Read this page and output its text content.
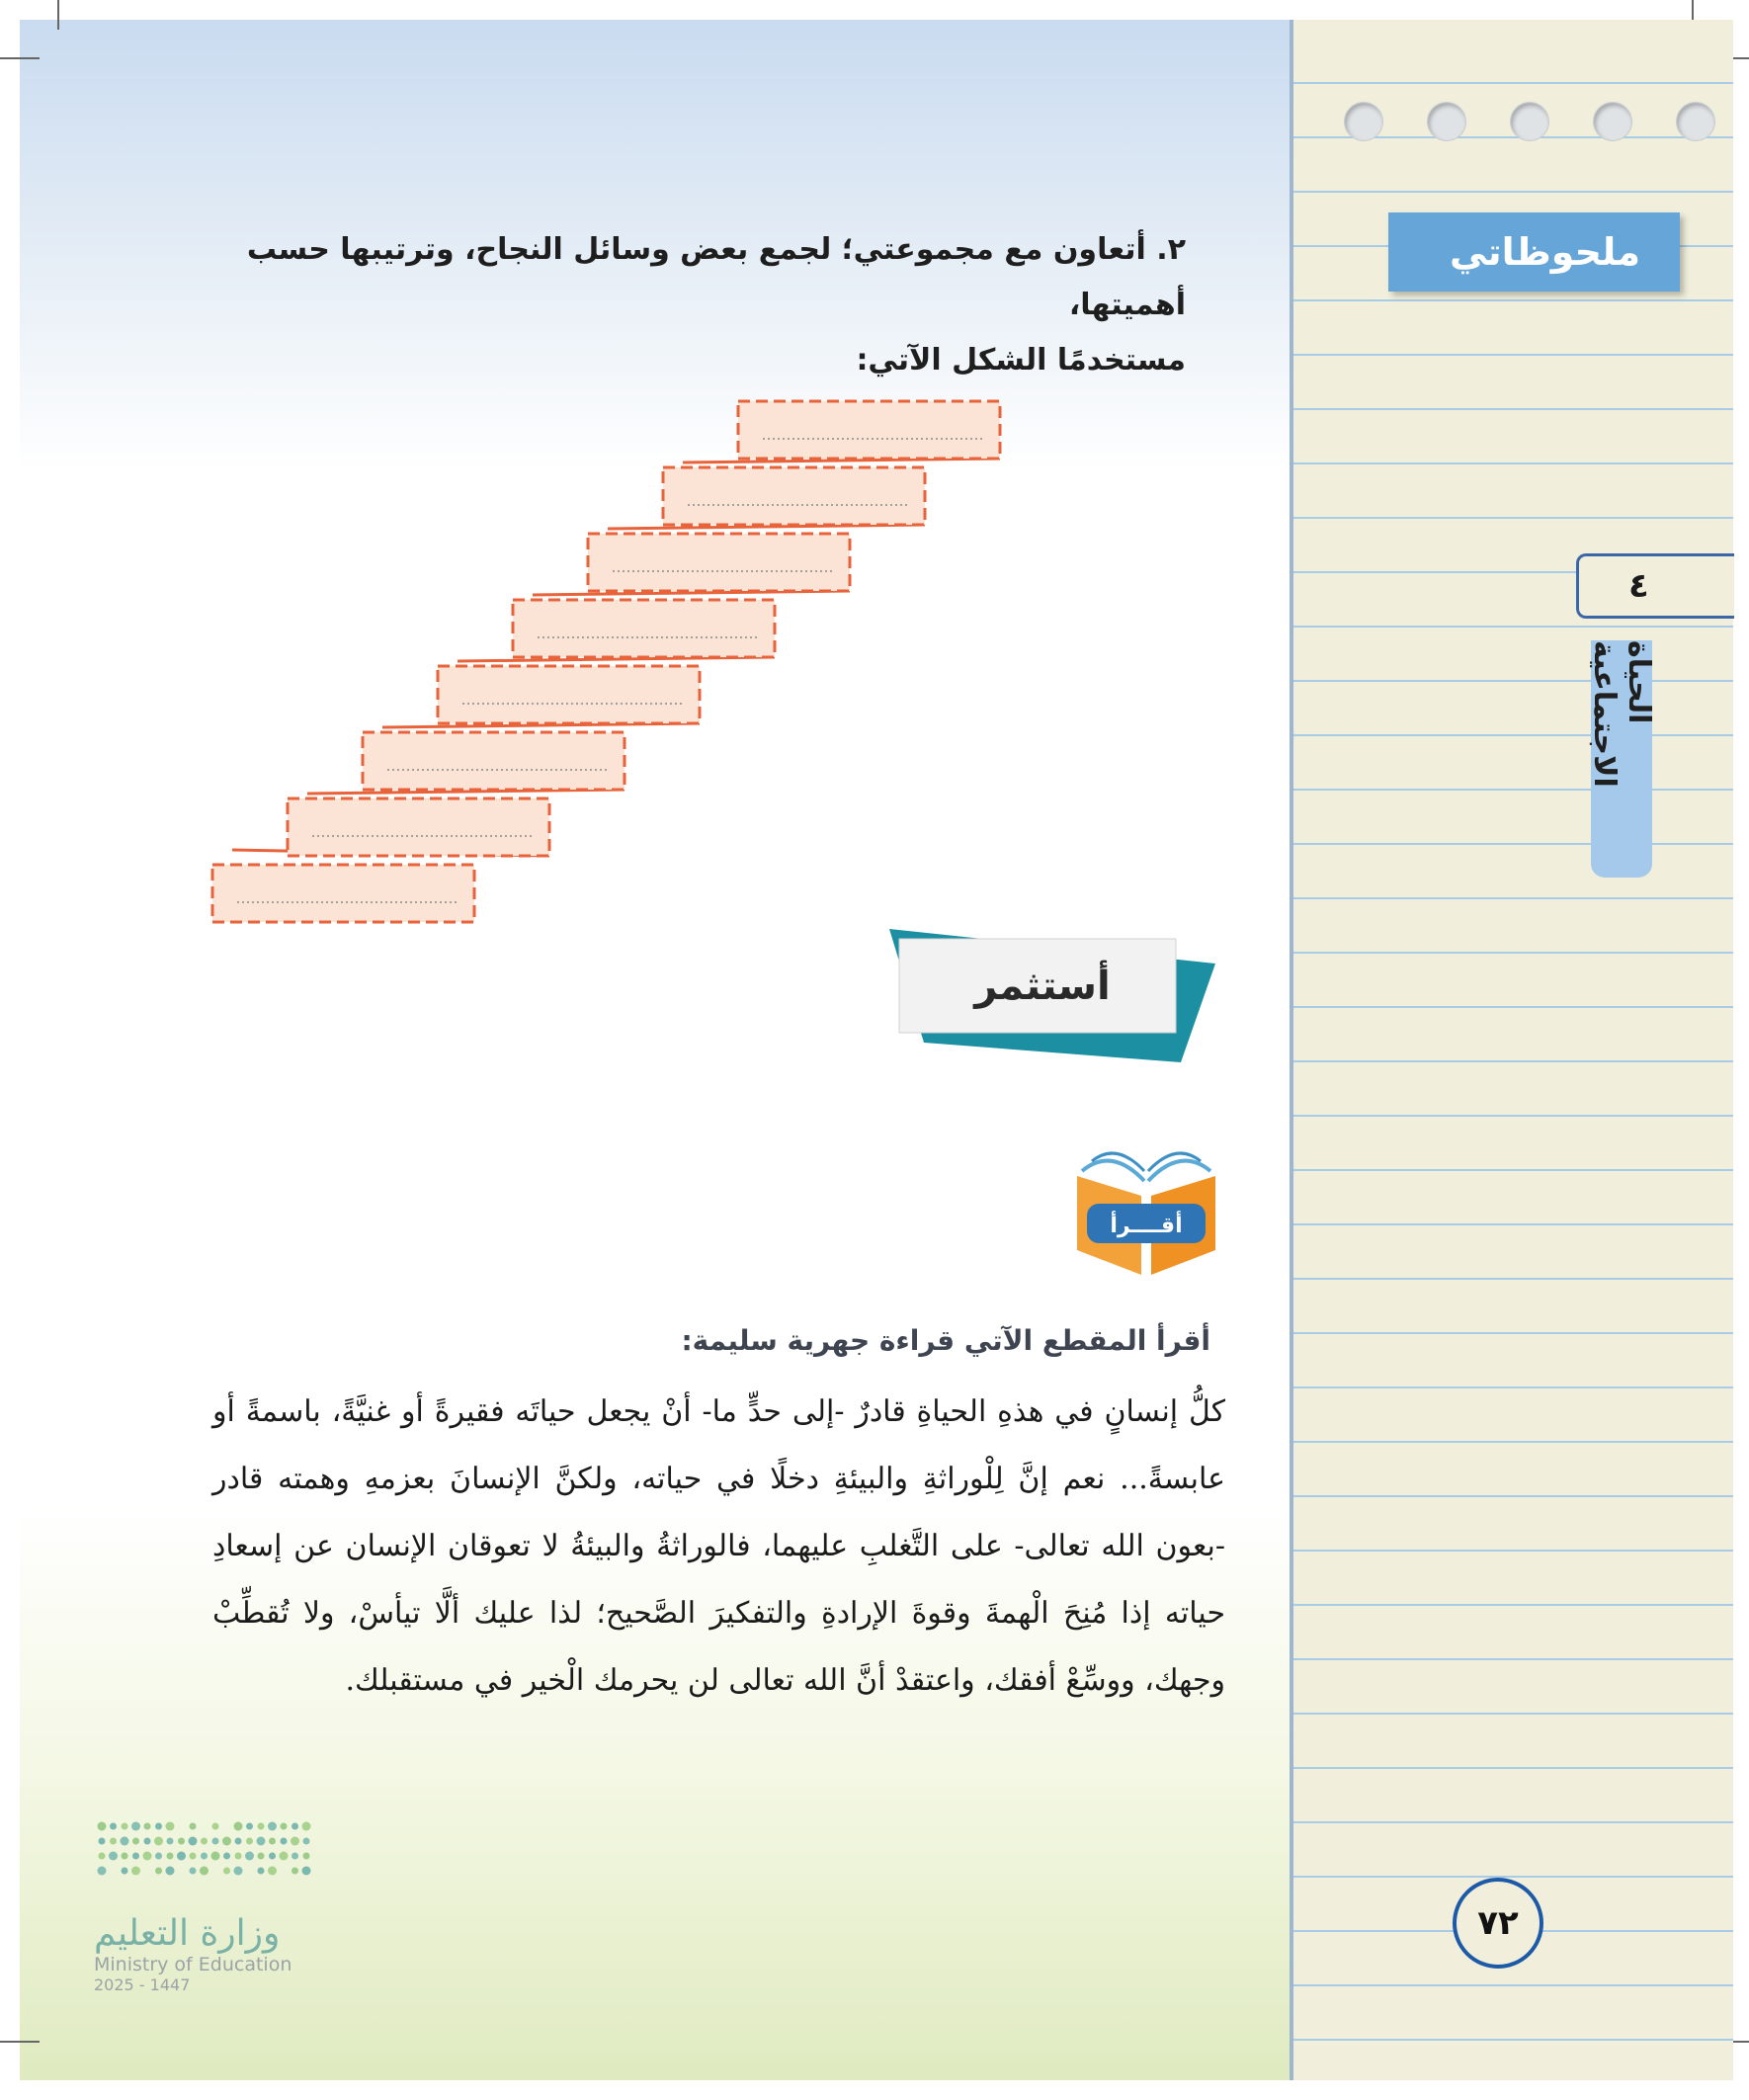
ملحوظاتي
٤
الحياة الاجتماعية
٢. أتعاون مع مجموعتي؛ لجمع بعض وسائل النجاح، وترتيبها حسب أهميتها،
مستخدمًا الشكل الآتي:
أستثمر
أقــــرأ
أقرأ المقطع الآتي قراءة جهرية سليمة:
كلُّ إنسانٍ في هذهِ الحياةِ قادرٌ -إلى حدٍّ ما- أنْ يجعل حياتَه فقيرةً أو غنيَّةً، باسمةً أو عابسةً... نعم إنَّ لِلْوراثةِ والبيئةِ دخلًا في حياته، ولكنَّ الإنسانَ بعزمهِ وهمته قادر -بعون الله تعالى- على التَّغلبِ عليهما، فالوراثةُ والبيئةُ لا تعوقان الإنسان عن إسعادِ حياته إذا مُنِحَ الْهمةَ وقوةَ الإرادةِ والتفكيرَ الصَّحيح؛ لذا عليك ألَّا تيأسْ، ولا تُقطِّبْ وجهك، ووسِّعْ أفقك، واعتقدْ أنَّ الله تعالى لن يحرمك الْخير في مستقبلك.
وزارة التعليم
Ministry of Education
2025 - 1447
٧٢
